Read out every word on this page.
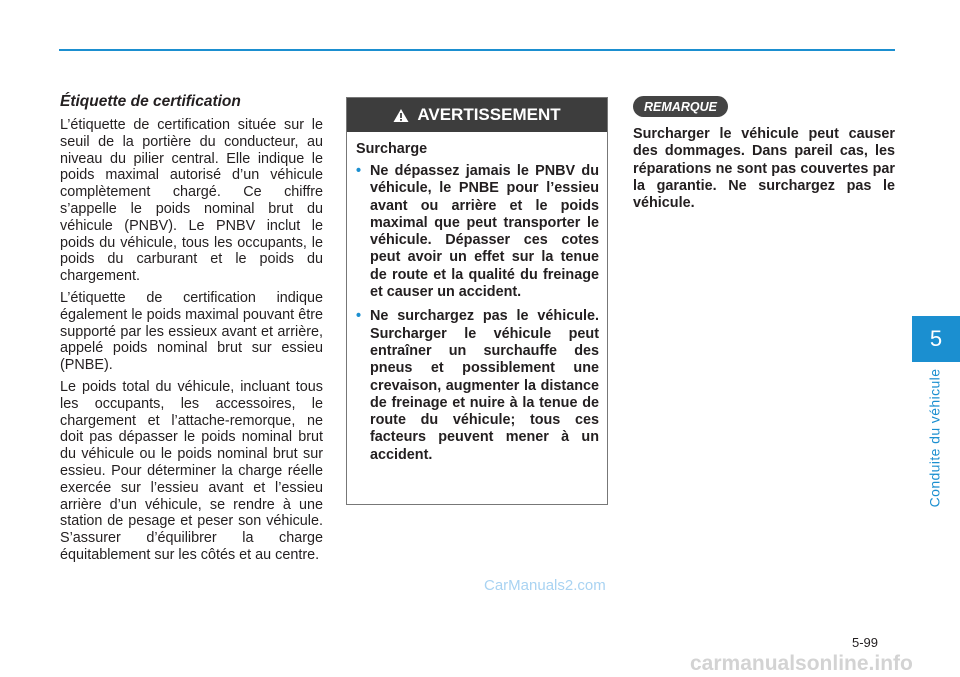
Étiquette de certification

L’étiquette de certification située sur le seuil de la portière du conducteur, au niveau du pilier central. Elle indique le poids maximal autorisé d’un véhicule complètement chargé. Ce chiffre s’appelle le poids nominal brut du véhicule (PNBV). Le PNBV inclut le poids du véhicule, tous les occupants, le poids du carburant et le poids du chargement.

L’étiquette de certification indique également le poids maximal pouvant être supporté par les essieux avant et arrière, appelé poids nominal brut sur essieu (PNBE).

Le poids total du véhicule, incluant tous les occupants, les accessoires, le chargement et l’attache-remorque, ne doit pas dépasser le poids nominal brut du véhicule ou le poids nominal brut sur essieu. Pour déterminer la charge réelle exercée sur l’essieu avant et l’essieu arrière d’un véhicule, se rendre à une station de pesage et peser son véhicule. S’assurer d’équilibrer la charge équitablement sur les côtés et au centre.

AVERTISSEMENT
Surcharge
• Ne dépassez jamais le PNBV du véhicule, le PNBE pour l’essieu avant ou arrière et le poids maximal que peut transporter le véhicule. Dépasser ces cotes peut avoir un effet sur la tenue de route et la qualité du freinage et causer un accident.
• Ne surchargez pas le véhicule. Surcharger le véhicule peut entraîner un surchauffe des pneus et possiblement une crevaison, augmenter la distance de freinage et nuire à la tenue de route du véhicule; tous ces facteurs peuvent mener à un accident.
REMARQUE

Surcharger le véhicule peut causer des dommages. Dans pareil cas, les réparations ne sont pas couvertes par la garantie. Ne surchargez pas le véhicule.

5
Conduite du véhicule
5-99
CarManuals2.com
carmanualsonline.info
